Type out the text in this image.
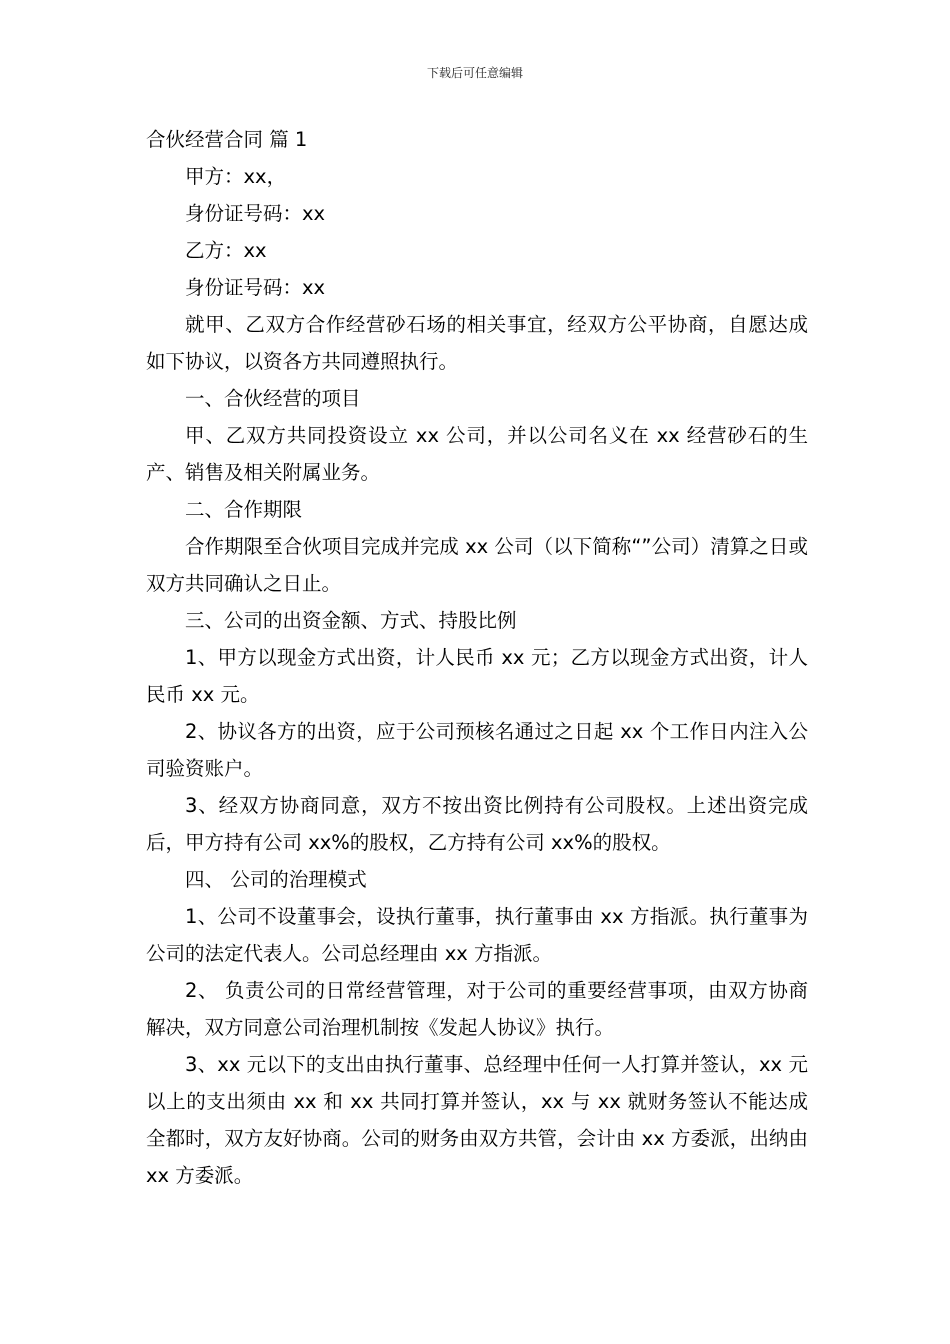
下载后可任意编辑
合伙经营合同 篇 1

甲方：xx，

身份证号码：xx

乙方：xx

身份证号码：xx

就甲、乙双方合作经营砂石场的相关事宜，经双方公平协商，自愿达成如下协议，以资各方共同遵照执行。

一、合伙经营的项目

甲、乙双方共同投资设立 xx 公司，并以公司名义在 xx 经营砂石的生产、销售及相关附属业务。

二、合作期限

合作期限至合伙项目完成并完成 xx 公司（以下简称“”公司）清算之日或双方共同确认之日止。

三、公司的出资金额、方式、持股比例

1、甲方以现金方式出资，计人民币 xx 元；乙方以现金方式出资，计人民币 xx 元。

2、协议各方的出资，应于公司预核名通过之日起 xx 个工作日内注入公司验资账户。

3、经双方协商同意，双方不按出资比例持有公司股权。上述出资完成后，甲方持有公司 xx%的股权，乙方持有公司 xx%的股权。

四、 公司的治理模式

1、公司不设董事会，设执行董事，执行董事由 xx 方指派。执行董事为公司的法定代表人。公司总经理由 xx 方指派。

2、 负责公司的日常经营管理，对于公司的重要经营事项，由双方协商解决，双方同意公司治理机制按《发起人协议》执行。

3、xx 元以下的支出由执行董事、总经理中任何一人打算并签认，xx 元以上的支出须由 xx 和 xx 共同打算并签认，xx 与 xx 就财务签认不能达成全都时，双方友好协商。公司的财务由双方共管，会计由 xx 方委派，出纳由 xx 方委派。
